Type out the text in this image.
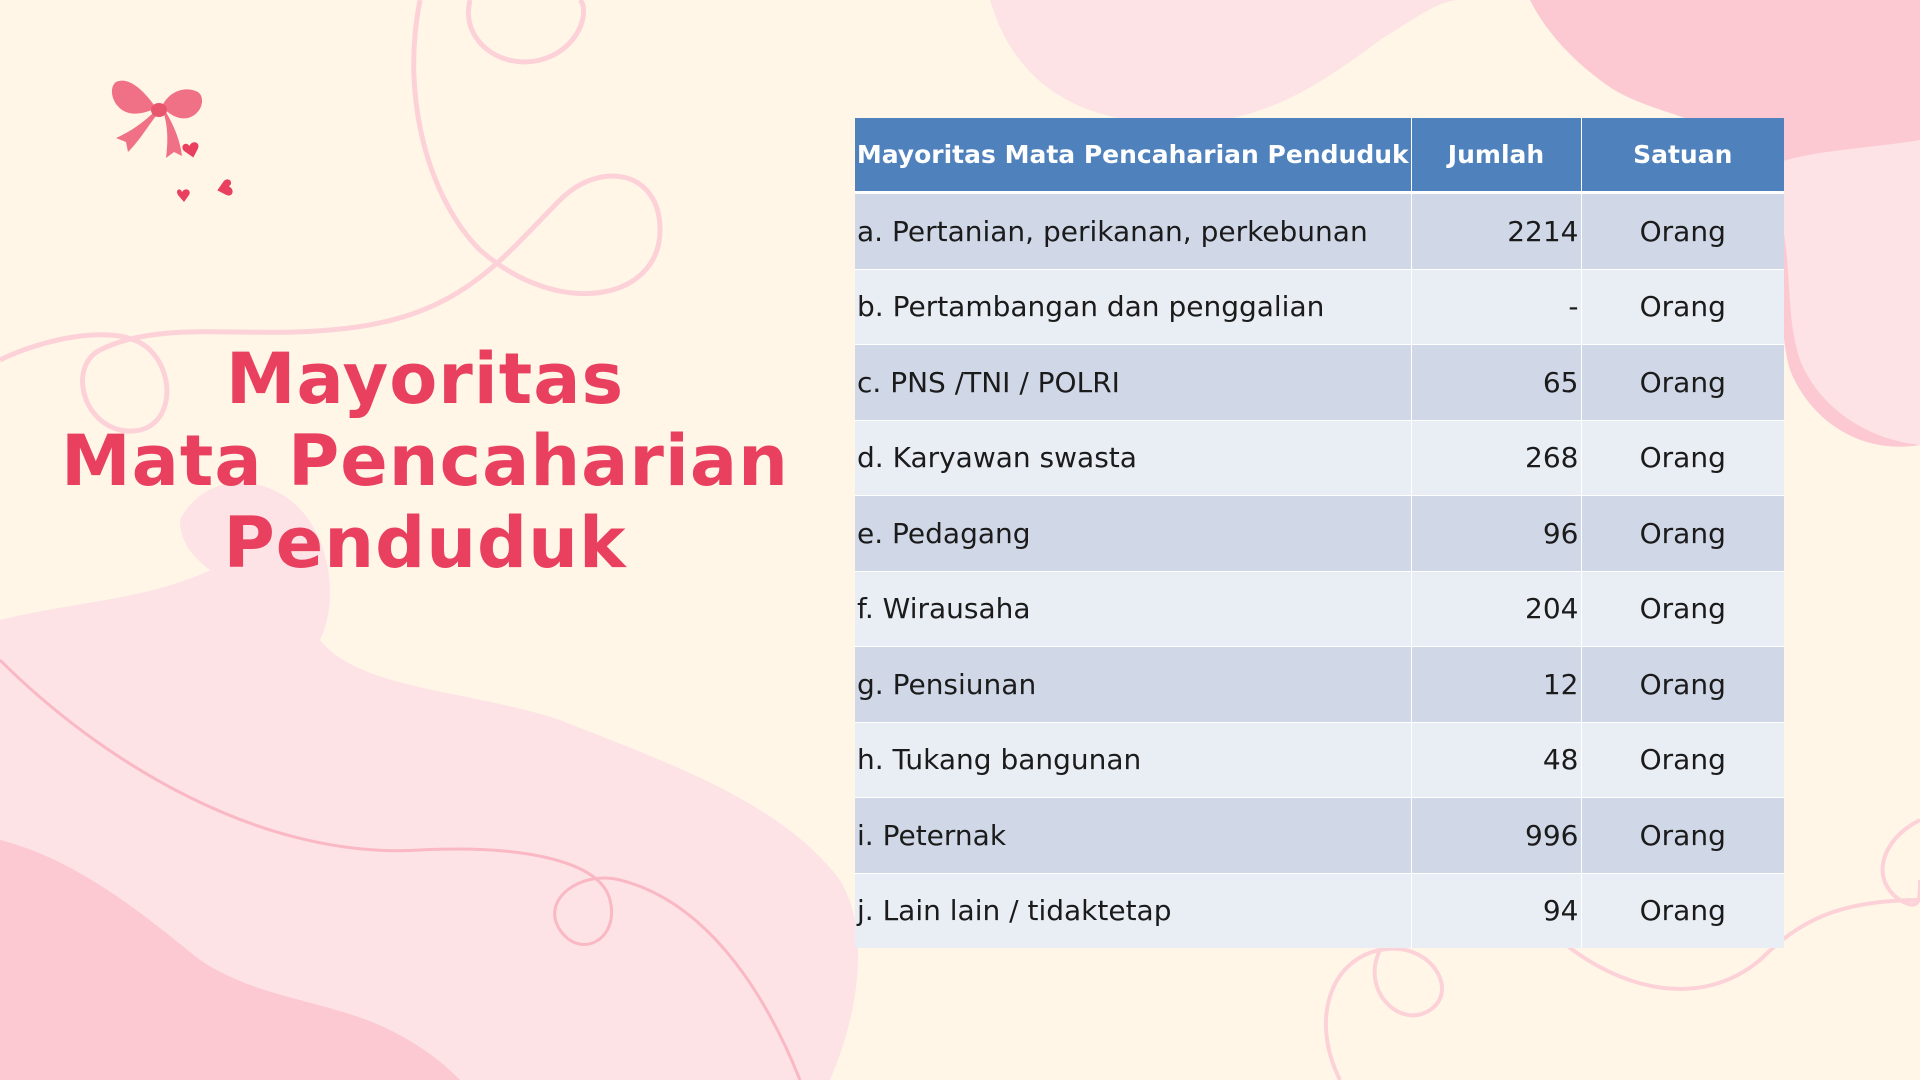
Mayoritas
Mata Pencaharian
Penduduk
Mayoritas Mata Pencaharian Penduduk	Jumlah	Satuan
a. Pertanian, perikanan, perkebunan	2214	Orang
b. Pertambangan dan penggalian	-	Orang
c. PNS /TNI / POLRI	65	Orang
d. Karyawan swasta	268	Orang
e. Pedagang	96	Orang
f. Wirausaha	204	Orang
g. Pensiunan	12	Orang
h. Tukang bangunan	48	Orang
i. Peternak	996	Orang
j. Lain lain / tidaktetap	94	Orang
